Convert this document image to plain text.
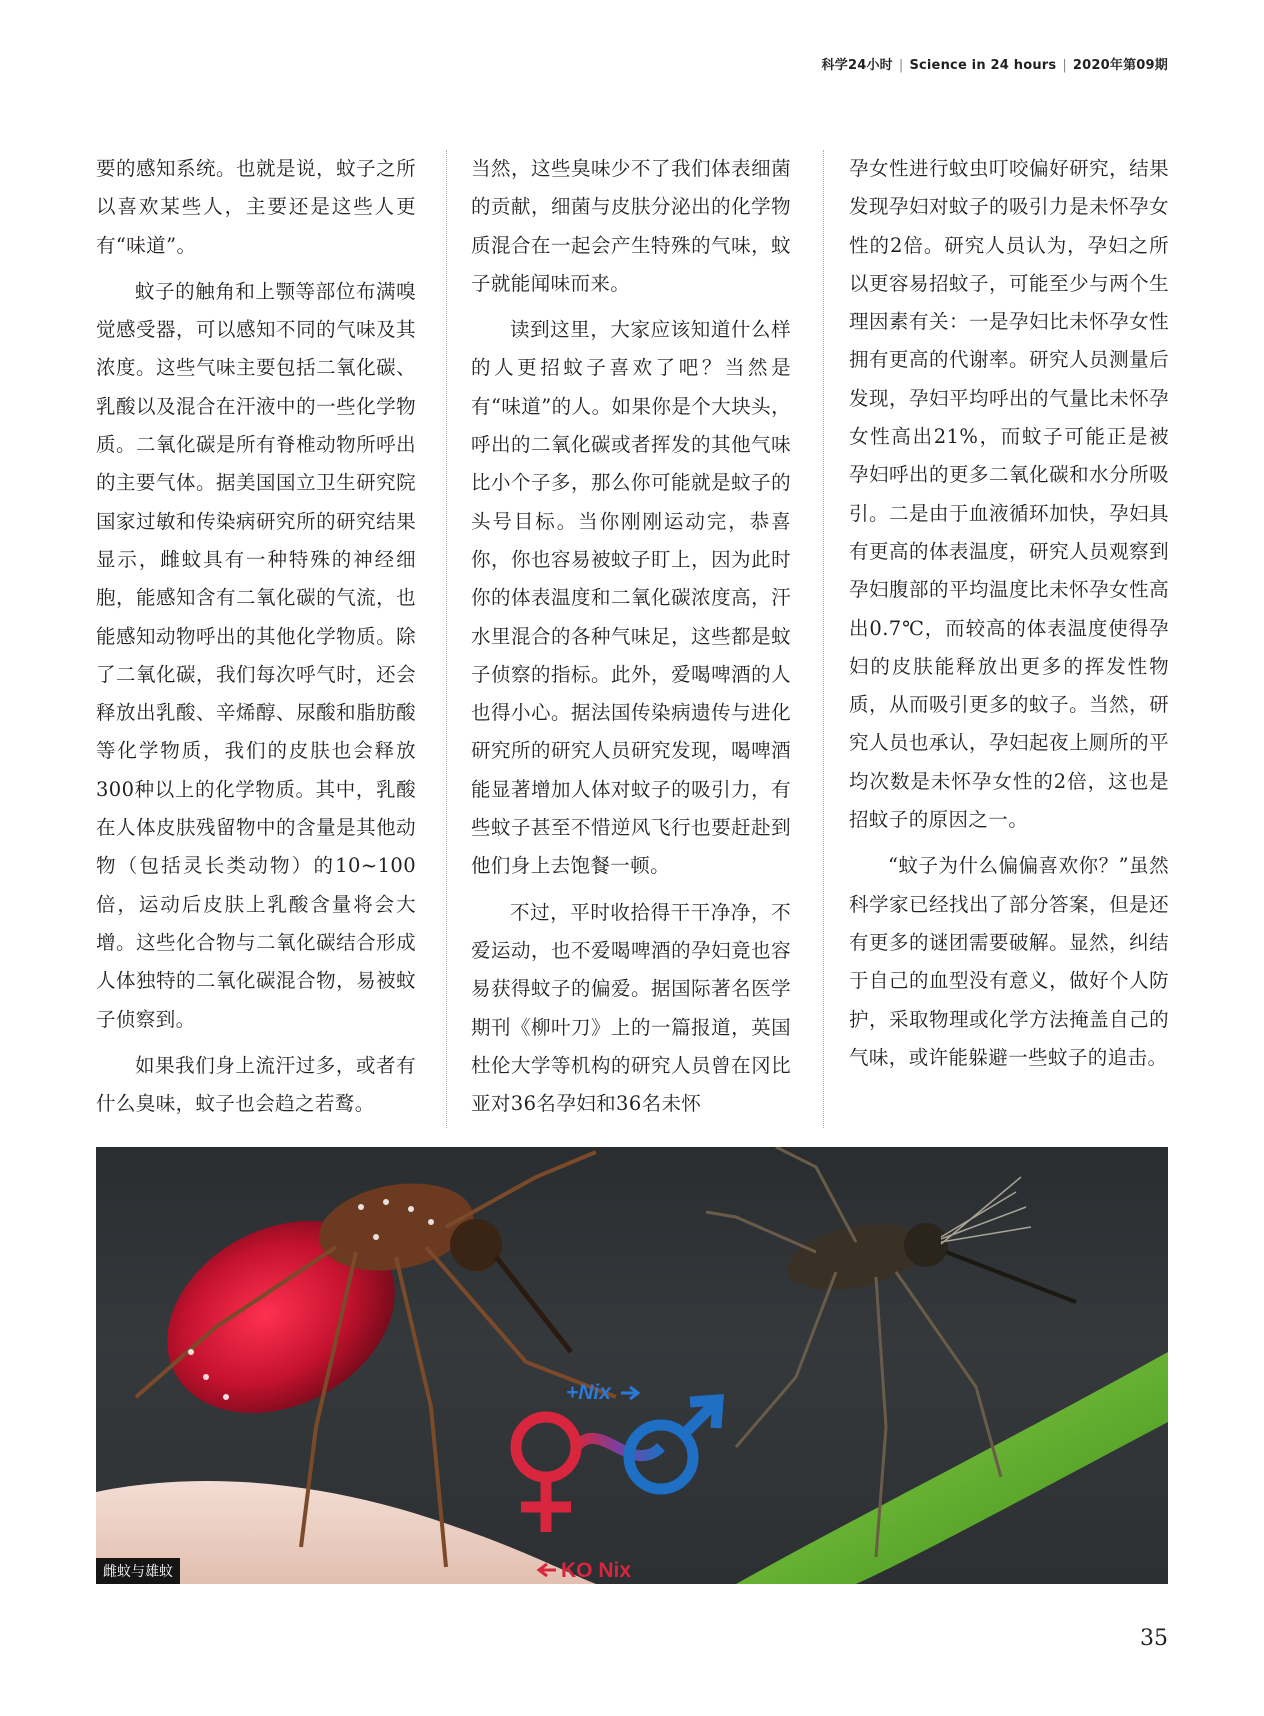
科学24小时 | Science in 24 hours | 2020年第09期

要的感知系统。也就是说，蚊子之所以喜欢某些人，主要还是这些人更有“味道”。

蚊子的触角和上颚等部位布满嗅觉感受器，可以感知不同的气味及其浓度。这些气味主要包括二氧化碳、乳酸以及混合在汗液中的一些化学物质。二氧化碳是所有脊椎动物所呼出的主要气体。据美国国立卫生研究院国家过敏和传染病研究所的研究结果显示，雌蚊具有一种特殊的神经细胞，能感知含有二氧化碳的气流，也能感知动物呼出的其他化学物质。除了二氧化碳，我们每次呼气时，还会释放出乳酸、辛烯醇、尿酸和脂肪酸等化学物质，我们的皮肤也会释放300种以上的化学物质。其中，乳酸在人体皮肤残留物中的含量是其他动物（包括灵长类动物）的10~100倍，运动后皮肤上乳酸含量将会大增。这些化合物与二氧化碳结合形成人体独特的二氧化碳混合物，易被蚊子侦察到。

如果我们身上流汗过多，或者有什么臭味，蚊子也会趋之若鹜。

当然，这些臭味少不了我们体表细菌的贡献，细菌与皮肤分泌出的化学物质混合在一起会产生特殊的气味，蚊子就能闻味而来。

读到这里，大家应该知道什么样的人更招蚊子喜欢了吧？当然是有“味道”的人。如果你是个大块头，呼出的二氧化碳或者挥发的其他气味比小个子多，那么你可能就是蚊子的头号目标。当你刚刚运动完，恭喜你，你也容易被蚊子盯上，因为此时你的体表温度和二氧化碳浓度高，汗水里混合的各种气味足，这些都是蚊子侦察的指标。此外，爱喝啤酒的人也得小心。据法国传染病遗传与进化研究所的研究人员研究发现，喝啤酒能显著增加人体对蚊子的吸引力，有些蚊子甚至不惜逆风飞行也要赶赴到他们身上去饱餐一顿。

不过，平时收拾得干干净净，不爱运动，也不爱喝啤酒的孕妇竟也容易获得蚊子的偏爱。据国际著名医学期刊《柳叶刀》上的一篇报道，英国杜伦大学等机构的研究人员曾在冈比亚对36名孕妇和36名未怀

孕女性进行蚊虫叮咬偏好研究，结果发现孕妇对蚊子的吸引力是未怀孕女性的2倍。研究人员认为，孕妇之所以更容易招蚊子，可能至少与两个生理因素有关：一是孕妇比未怀孕女性拥有更高的代谢率。研究人员测量后发现，孕妇平均呼出的气量比未怀孕女性高出21%，而蚊子可能正是被孕妇呼出的更多二氧化碳和水分所吸引。二是由于血液循环加快，孕妇具有更高的体表温度，研究人员观察到孕妇腹部的平均温度比未怀孕女性高出0.7℃，而较高的体表温度使得孕妇的皮肤能释放出更多的挥发性物质，从而吸引更多的蚊子。当然，研究人员也承认，孕妇起夜上厕所的平均次数是未怀孕女性的2倍，这也是招蚊子的原因之一。

“蚊子为什么偏偏喜欢你？”虽然科学家已经找出了部分答案，但是还有更多的谜团需要破解。显然，纠结于自己的血型没有意义，做好个人防护，采取物理或化学方法掩盖自己的气味，或许能躲避一些蚊子的追击。

+Nix
KO Nix
雌蚊与雄蚊
35
